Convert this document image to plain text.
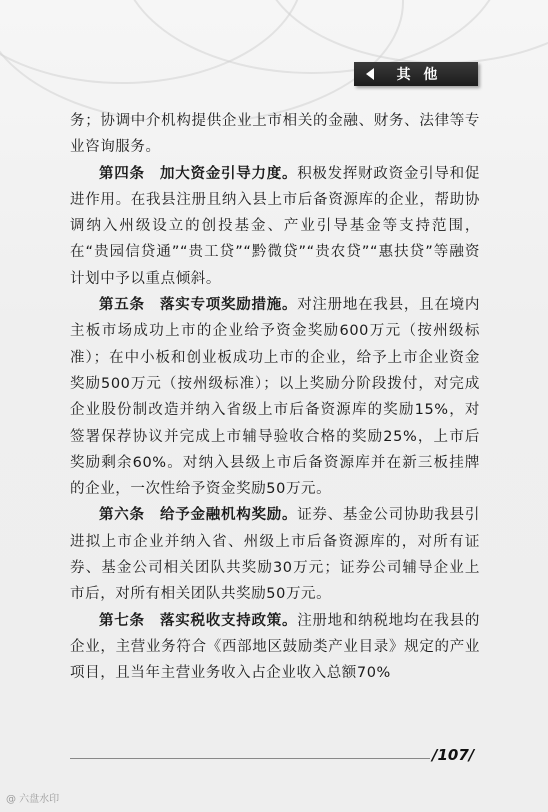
其 他

务；协调中介机构提供企业上市相关的金融、财务、法律等专业咨询服务。

第四条　加大资金引导力度。积极发挥财政资金引导和促进作用。在我县注册且纳入县上市后备资源库的企业，帮助协调纳入州级设立的创投基金、产业引导基金等支持范围，在“贵园信贷通”“贵工贷”“黔微贷”“贵农贷”“惠扶贷”等融资计划中予以重点倾斜。

第五条　落实专项奖励措施。对注册地在我县，且在境内主板市场成功上市的企业给予资金奖励600万元（按州级标准）；在中小板和创业板成功上市的企业，给予上市企业资金奖励500万元（按州级标准）；以上奖励分阶段拨付，对完成企业股份制改造并纳入省级上市后备资源库的奖励15%，对签署保荐协议并完成上市辅导验收合格的奖励25%，上市后奖励剩余60%。对纳入县级上市后备资源库并在新三板挂牌的企业，一次性给予资金奖励50万元。

第六条　给予金融机构奖励。证券、基金公司协助我县引进拟上市企业并纳入省、州级上市后备资源库的，对所有证券、基金公司相关团队共奖励30万元；证券公司辅导企业上市后，对所有相关团队共奖励50万元。

第七条　落实税收支持政策。注册地和纳税地均在我县的企业，主营业务符合《西部地区鼓励类产业目录》规定的产业项目，且当年主营业务收入占企业收入总额70%

/107/
@ 六盘水印
